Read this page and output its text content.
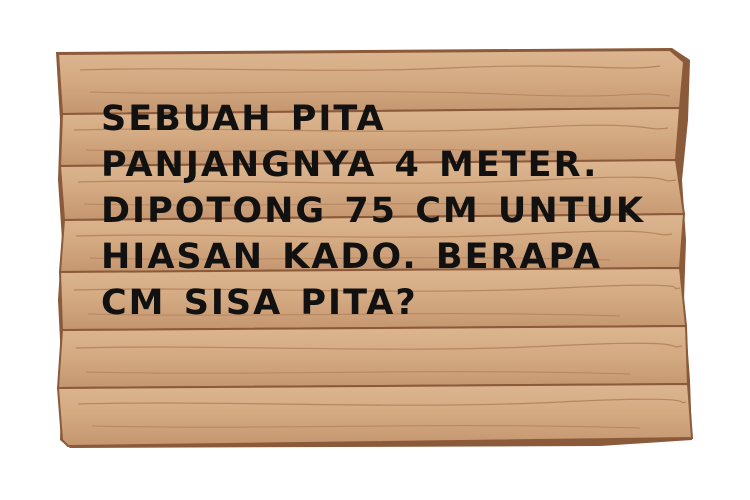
SEBUAH PITA
PANJANGNYA 4 METER.
DIPOTONG 75 CM UNTUK
HIASAN KADO. BERAPA
CM SISA PITA?
